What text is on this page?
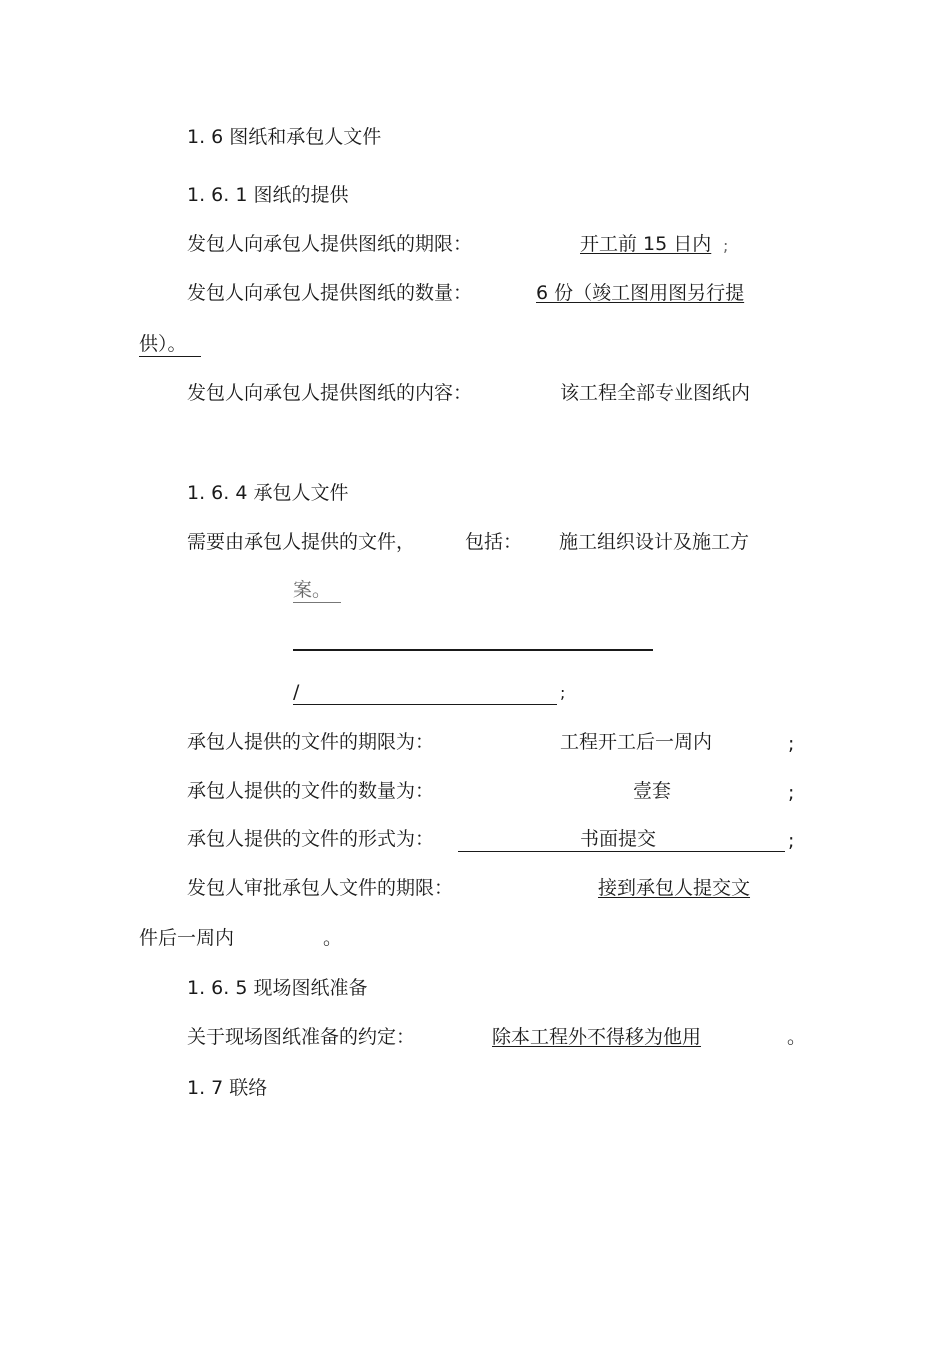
1. 6 图纸和承包人文件
1. 6. 1 图纸的提供
发包人向承包人提供图纸的期限：	开工前 15 日内 ;
发包人向承包人提供图纸的数量：	6 份（竣工图用图另行提
供）。
发包人向承包人提供图纸的内容：	该工程全部专业图纸内
1. 6. 4 承包人文件
需要由承包人提供的文件，	包括： 施工组织设计及施工方
案。
/	;
承包人提供的文件的期限为：	工程开工后一周内	;
承包人提供的文件的数量为：	壹套	;
承包人提供的文件的形式为：	书面提交	;
发包人审批承包人文件的期限：	接到承包人提交文
件后一周内	。
1. 6. 5 现场图纸准备
关于现场图纸准备的约定：	除本工程外不得移为他用	。
1. 7 联络
